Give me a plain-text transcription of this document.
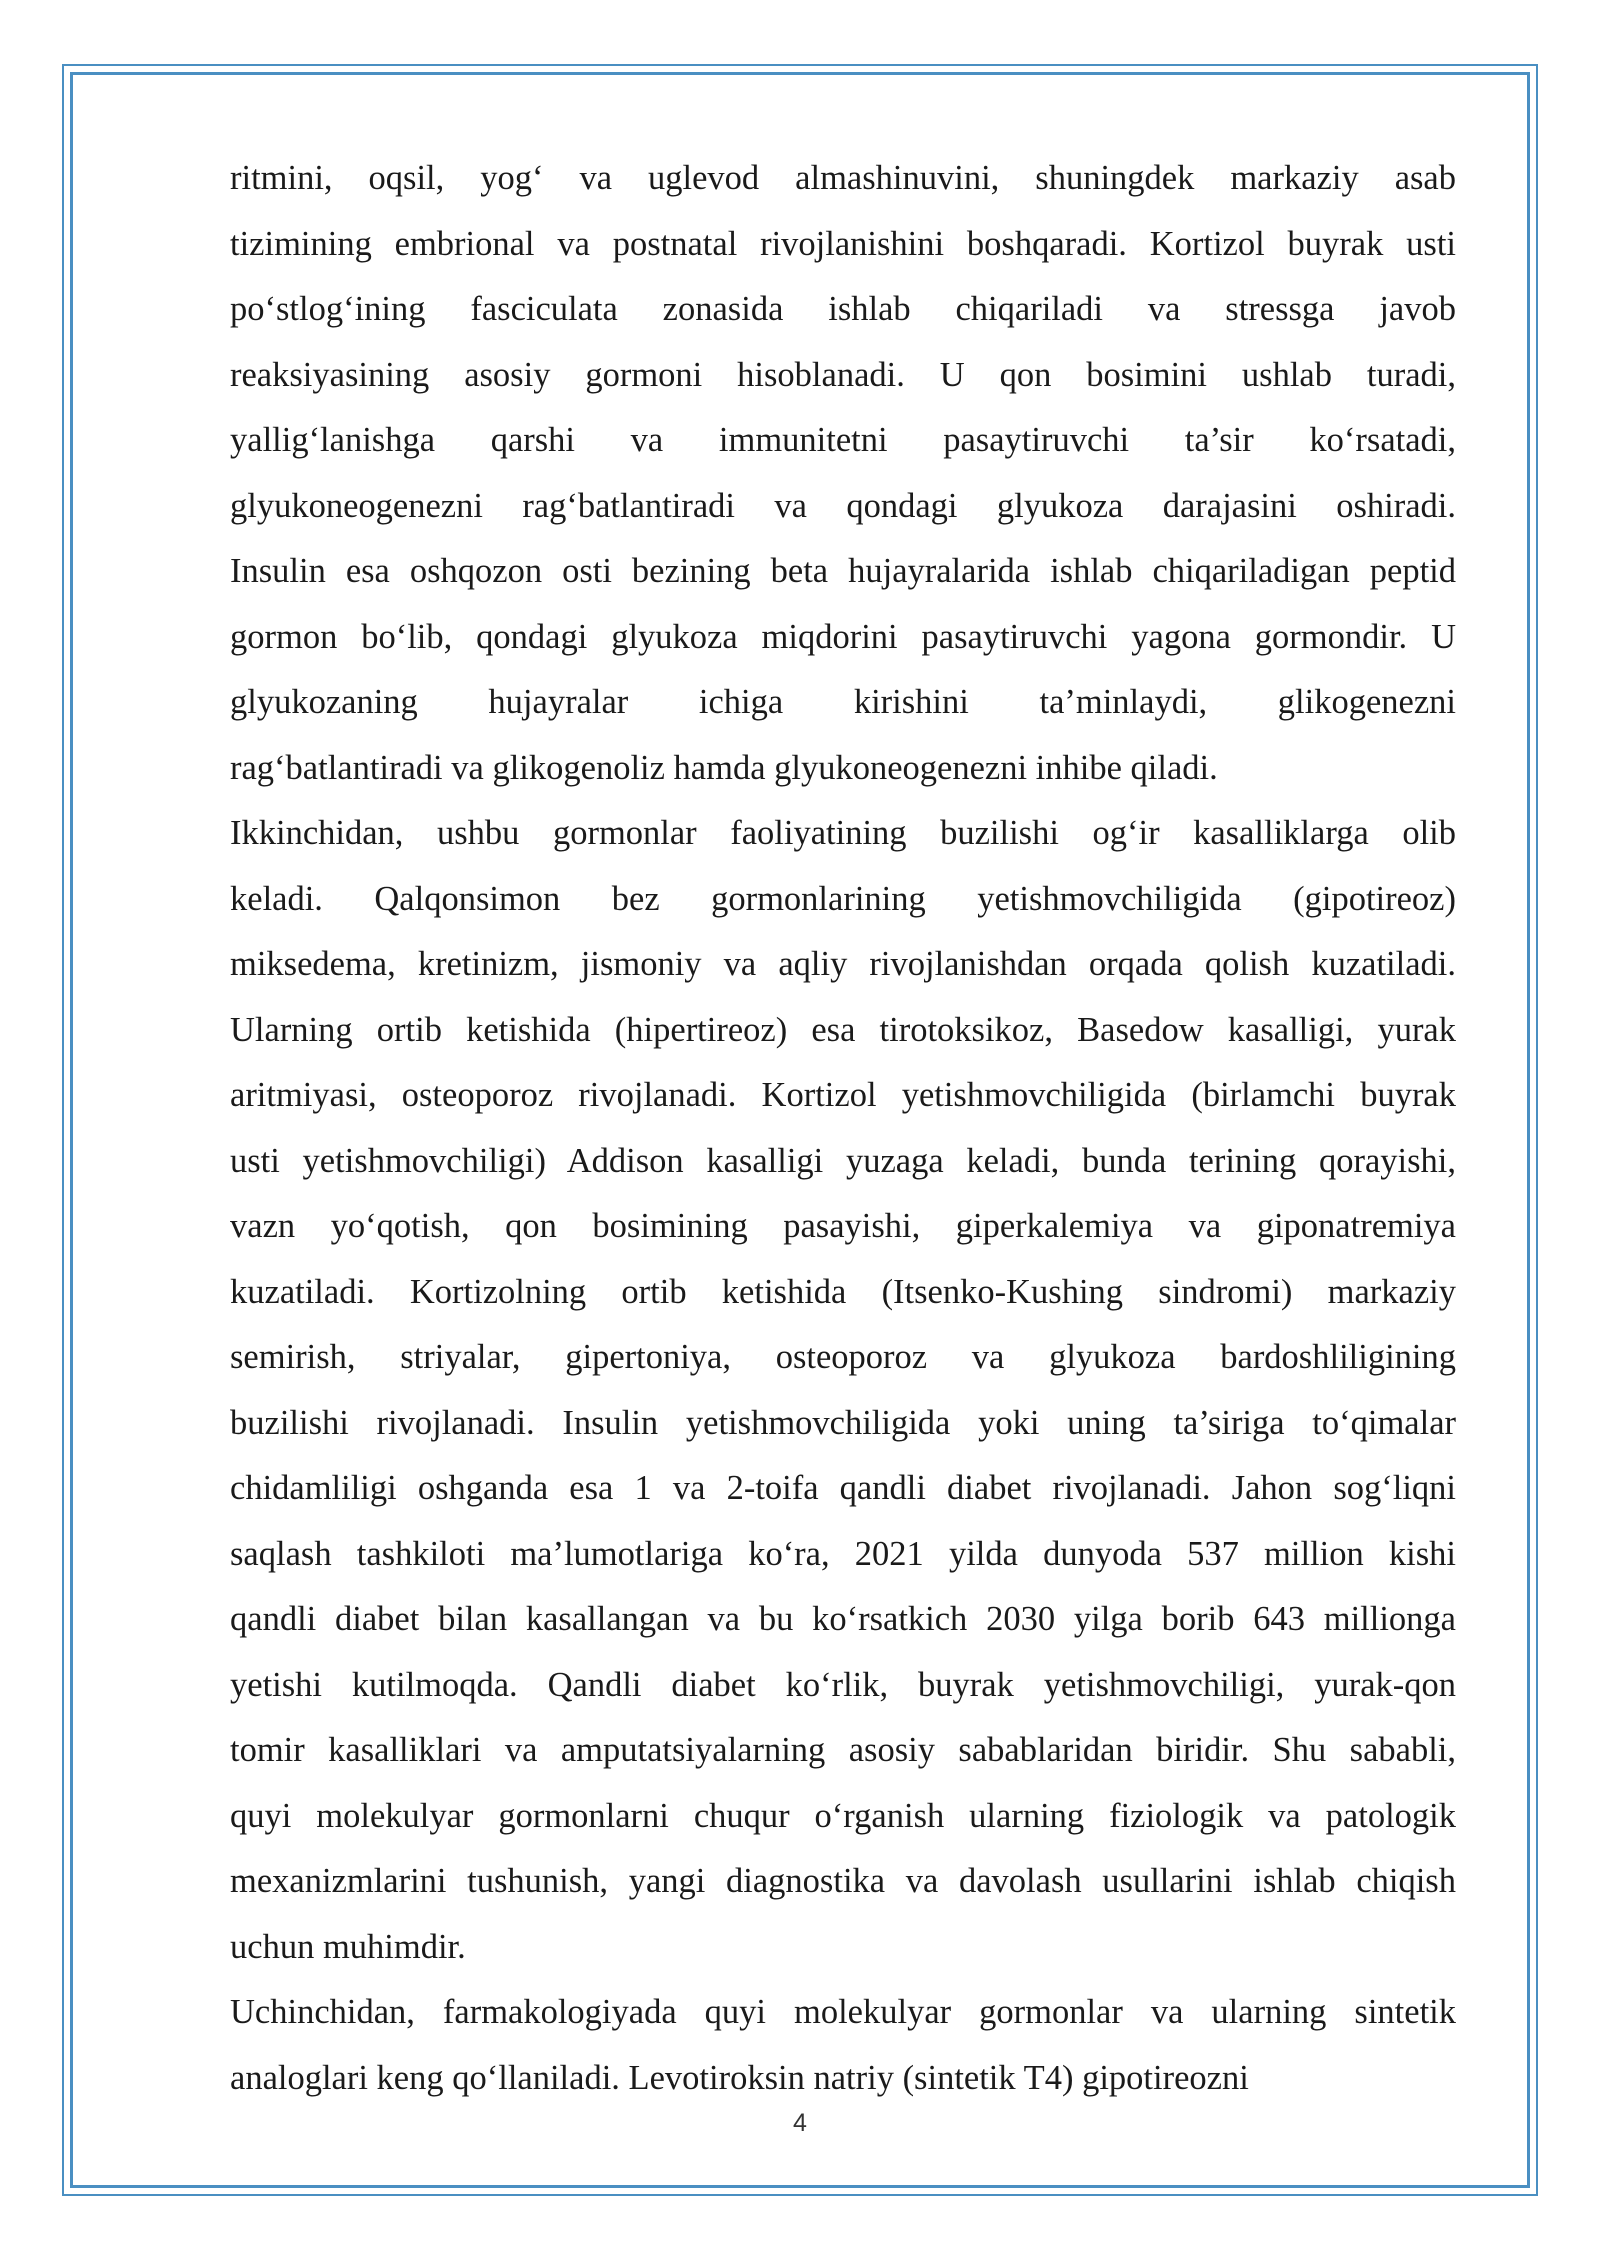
ritmini, oqsil, yog‘ va uglevod almashinuvini, shuningdek markaziy asab
tizimining embrional va postnatal rivojlanishini boshqaradi. Kortizol buyrak usti
po‘stlog‘ining fasciculata zonasida ishlab chiqariladi va stressga javob
reaksiyasining asosiy gormoni hisoblanadi. U qon bosimini ushlab turadi,
yallig‘lanishga qarshi va immunitetni pasaytiruvchi ta’sir ko‘rsatadi,
glyukoneogenezni rag‘batlantiradi va qondagi glyukoza darajasini oshiradi.
Insulin esa oshqozon osti bezining beta hujayralarida ishlab chiqariladigan peptid
gormon bo‘lib, qondagi glyukoza miqdorini pasaytiruvchi yagona gormondir. U
glyukozaning hujayralar ichiga kirishini ta’minlaydi, glikogenezni
rag‘batlantiradi va glikogenoliz hamda glyukoneogenezni inhibe qiladi.

Ikkinchidan, ushbu gormonlar faoliyatining buzilishi og‘ir kasalliklarga olib
keladi. Qalqonsimon bez gormonlarining yetishmovchiligida (gipotireoz)
miksedema, kretinizm, jismoniy va aqliy rivojlanishdan orqada qolish kuzatiladi.
Ularning ortib ketishida (hipertireoz) esa tirotoksikoz, Basedow kasalligi, yurak
aritmiyasi, osteoporoz rivojlanadi. Kortizol yetishmovchiligida (birlamchi buyrak
usti yetishmovchiligi) Addison kasalligi yuzaga keladi, bunda terining qorayishi,
vazn yo‘qotish, qon bosimining pasayishi, giperkalemiya va giponatremiya
kuzatiladi. Kortizolning ortib ketishida (Itsenko-Kushing sindromi) markaziy
semirish, striyalar, gipertoniya, osteoporoz va glyukoza bardoshliligining
buzilishi rivojlanadi. Insulin yetishmovchiligida yoki uning ta’siriga to‘qimalar
chidamliligi oshganda esa 1 va 2-toifa qandli diabet rivojlanadi. Jahon sog‘liqni
saqlash tashkiloti ma’lumotlariga ko‘ra, 2021 yilda dunyoda 537 million kishi
qandli diabet bilan kasallangan va bu ko‘rsatkich 2030 yilga borib 643 millionga
yetishi kutilmoqda. Qandli diabet ko‘rlik, buyrak yetishmovchiligi, yurak-qon
tomir kasalliklari va amputatsiyalarning asosiy sabablaridan biridir. Shu sababli,
quyi molekulyar gormonlarni chuqur o‘rganish ularning fiziologik va patologik
mexanizmlarini tushunish, yangi diagnostika va davolash usullarini ishlab chiqish
uchun muhimdir.

Uchinchidan, farmakologiyada quyi molekulyar gormonlar va ularning sintetik
analoglari keng qo‘llaniladi. Levotiroksin natriy (sintetik T4) gipotireozni

4
